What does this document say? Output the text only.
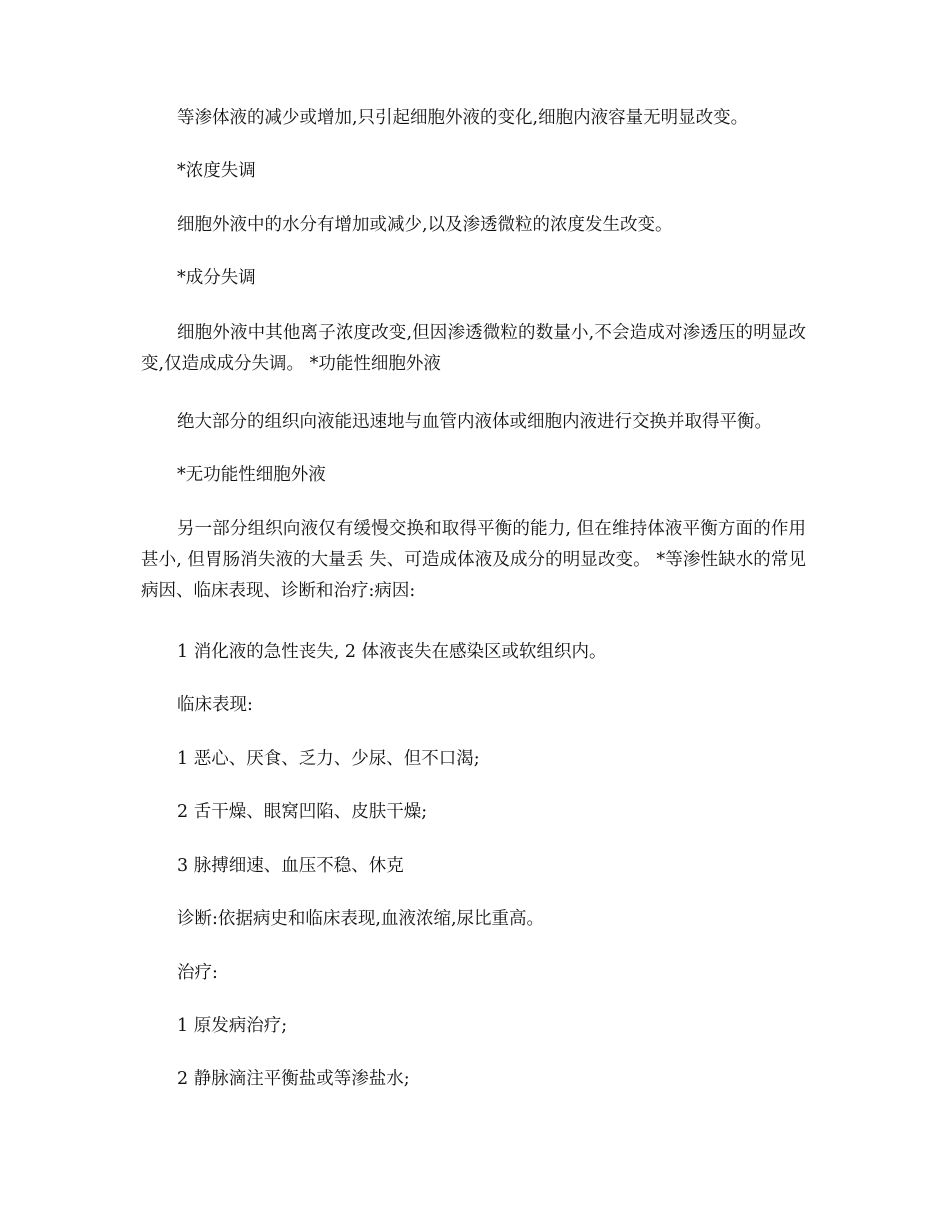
等渗体液的减少或增加,只引起细胞外液的变化,细胞内液容量无明显改变。

*浓度失调

细胞外液中的水分有增加或减少,以及渗透微粒的浓度发生改变。

*成分失调

细胞外液中其他离子浓度改变,但因渗透微粒的数量小,不会造成对渗透压的明显改变,仅造成成分失调。 *功能性细胞外液

绝大部分的组织向液能迅速地与血管内液体或细胞内液进行交换并取得平衡。

*无功能性细胞外液

另一部分组织向液仅有缓慢交换和取得平衡的能力, 但在维持体液平衡方面的作用甚小, 但胃肠消失液的大量丢 失、可造成体液及成分的明显改变。 *等渗性缺水的常见病因、临床表现、诊断和治疗:病因:

1 消化液的急性丧失, 2 体液丧失在感染区或软组织内。

临床表现:

1 恶心、厌食、乏力、少尿、但不口渴;

2 舌干燥、眼窝凹陷、皮肤干燥;

3 脉搏细速、血压不稳、休克

诊断:依据病史和临床表现,血液浓缩,尿比重高。

治疗:

1 原发病治疗;

2 静脉滴注平衡盐或等渗盐水;
